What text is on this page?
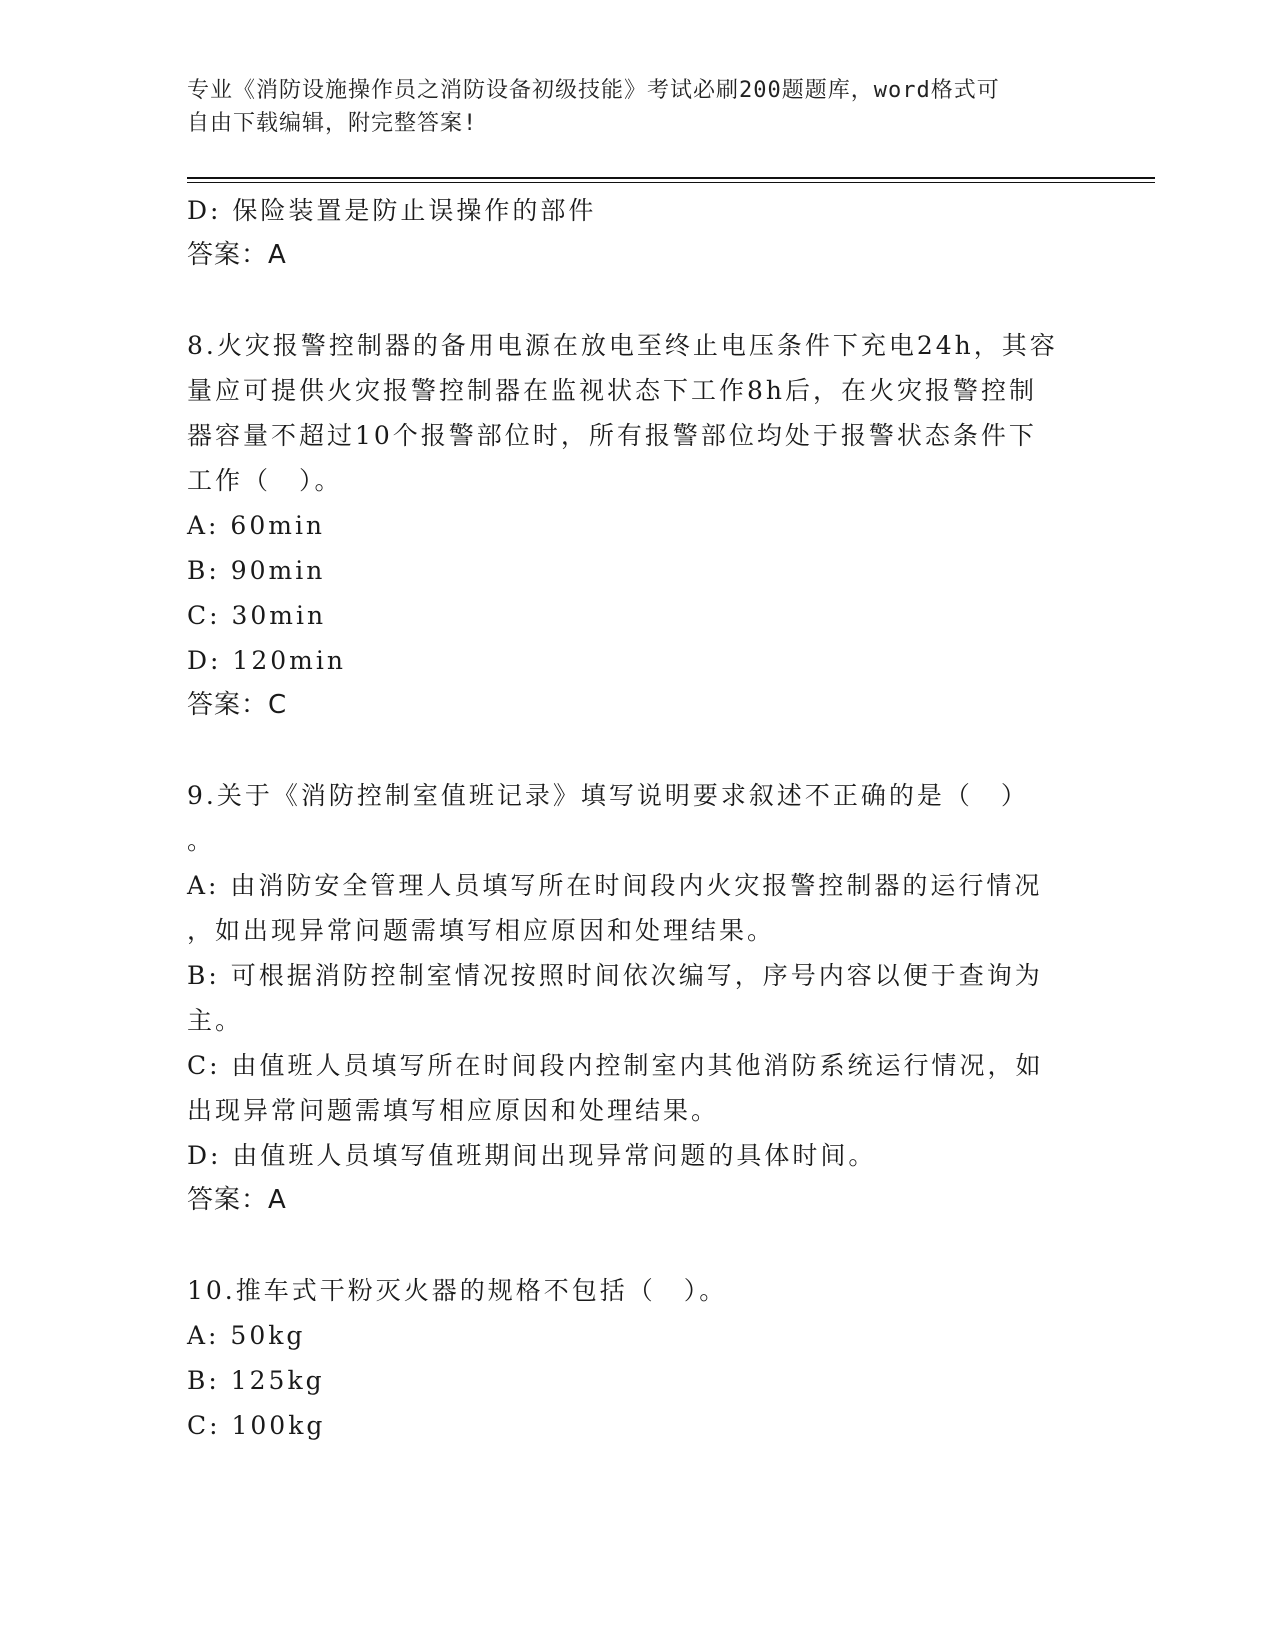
专业《消防设施操作员之消防设备初级技能》考试必刷200题题库，word格式可
自由下载编辑，附完整答案!

D: 保险装置是防止误操作的部件

答案：A

8.火灾报警控制器的备用电源在放电至终止电压条件下充电24h，其容

量应可提供火灾报警控制器在监视状态下工作8h后，在火灾报警控制

器容量不超过10个报警部位时，所有报警部位均处于报警状态条件下

工作（　）。

A: 60min

B: 90min

C: 30min

D: 120min

答案：C

9.关于《消防控制室值班记录》填写说明要求叙述不正确的是（　）

。

A: 由消防安全管理人员填写所在时间段内火灾报警控制器的运行情况

，如出现异常问题需填写相应原因和处理结果。

B: 可根据消防控制室情况按照时间依次编写，序号内容以便于查询为

主。

C: 由值班人员填写所在时间段内控制室内其他消防系统运行情况，如

出现异常问题需填写相应原因和处理结果。

D: 由值班人员填写值班期间出现异常问题的具体时间。

答案：A

10.推车式干粉灭火器的规格不包括（　）。

A: 50kg

B: 125kg

C: 100kg
